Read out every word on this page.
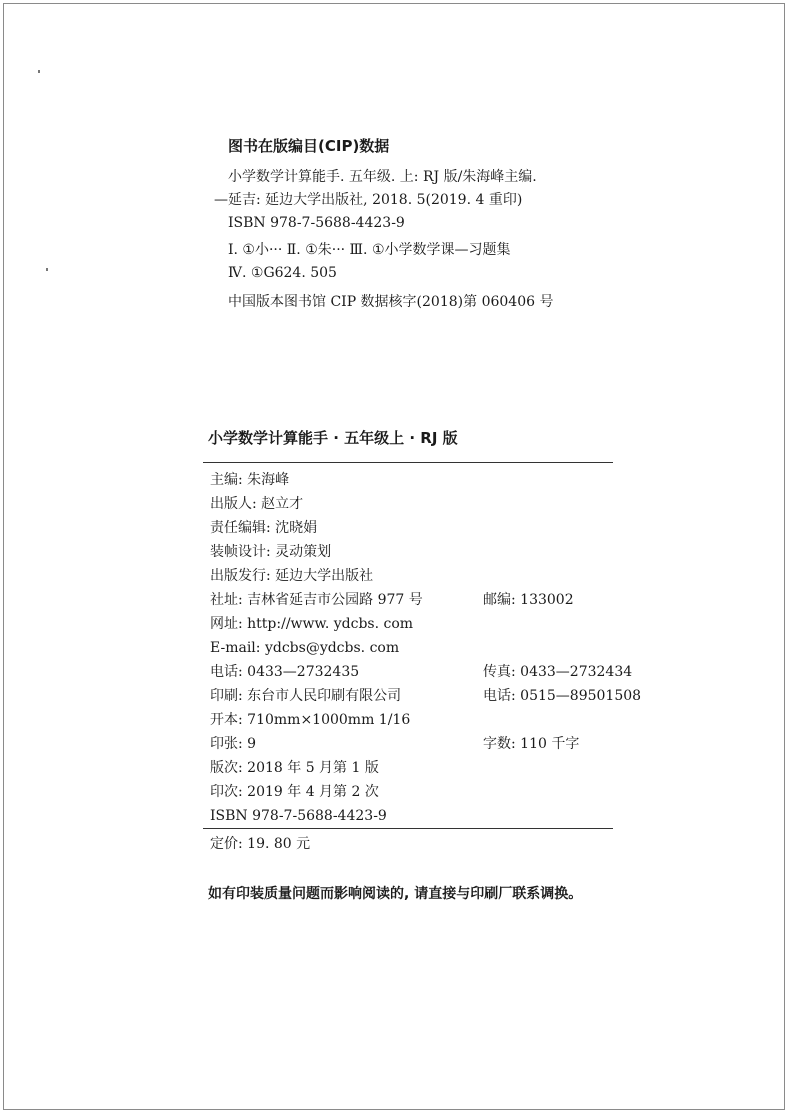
图书在版编目(CIP)数据
小学数学计算能手. 五年级. 上: RJ 版/朱海峰主编.
—延吉: 延边大学出版社, 2018. 5(2019. 4 重印)
ISBN 978-7-5688-4423-9
Ⅰ. ①小··· Ⅱ. ①朱··· Ⅲ. ①小学数学课—习题集
Ⅳ. ①G624. 505
中国版本图书馆 CIP 数据核字(2018)第 060406 号
小学数学计算能手 · 五年级上 · RJ 版
主编: 朱海峰
出版人: 赵立才
责任编辑: 沈晓娟
装帧设计: 灵动策划
出版发行: 延边大学出版社
社址: 吉林省延吉市公园路 977 号	邮编: 133002
网址: http://www. ydcbs. com
E-mail: ydcbs@ydcbs. com
电话: 0433—2732435	传真: 0433—2732434
印刷: 东台市人民印刷有限公司	电话: 0515—89501508
开本: 710mm×1000mm 1/16
印张: 9	字数: 110 千字
版次: 2018 年 5 月第 1 版
印次: 2019 年 4 月第 2 次
ISBN 978-7-5688-4423-9
定价: 19. 80 元
如有印装质量问题而影响阅读的, 请直接与印刷厂联系调换。
